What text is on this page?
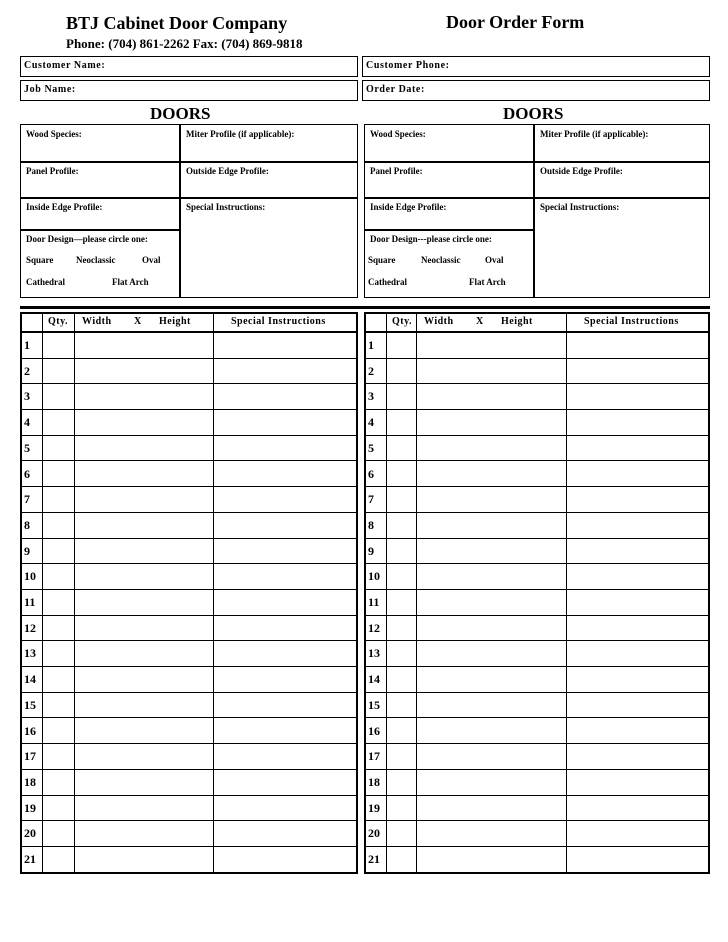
BTJ Cabinet Door Company	Door Order Form
Phone: (704) 861-2262 Fax: (704) 869-9818
Customer Name:	Customer Phone:
Job Name:	Order Date:
DOORS	DOORS
Wood Species:	Miter Profile (if applicable):
Panel Profile:	Outside Edge Profile:
Inside Edge Profile:	Special Instructions:
Door Design—please circle one:
Square	Neoclassic	Oval
Cathedral	Flat Arch
Wood Species:	Miter Profile (if applicable):
Panel Profile:	Outside Edge Profile:
Inside Edge Profile:	Special Instructions:
Door Design---please circle one:
Square	Neoclassic	Oval
Cathedral	Flat Arch
Qty. Width X Height	Special Instructions
1
2
3
4
5
6
7
8
9
10
11
12
13
14
15
16
17
18
19
20
21
Qty. Width X Height	Special Instructions
1
2
3
4
5
6
7
8
9
10
11
12
13
14
15
16
17
18
19
20
21
